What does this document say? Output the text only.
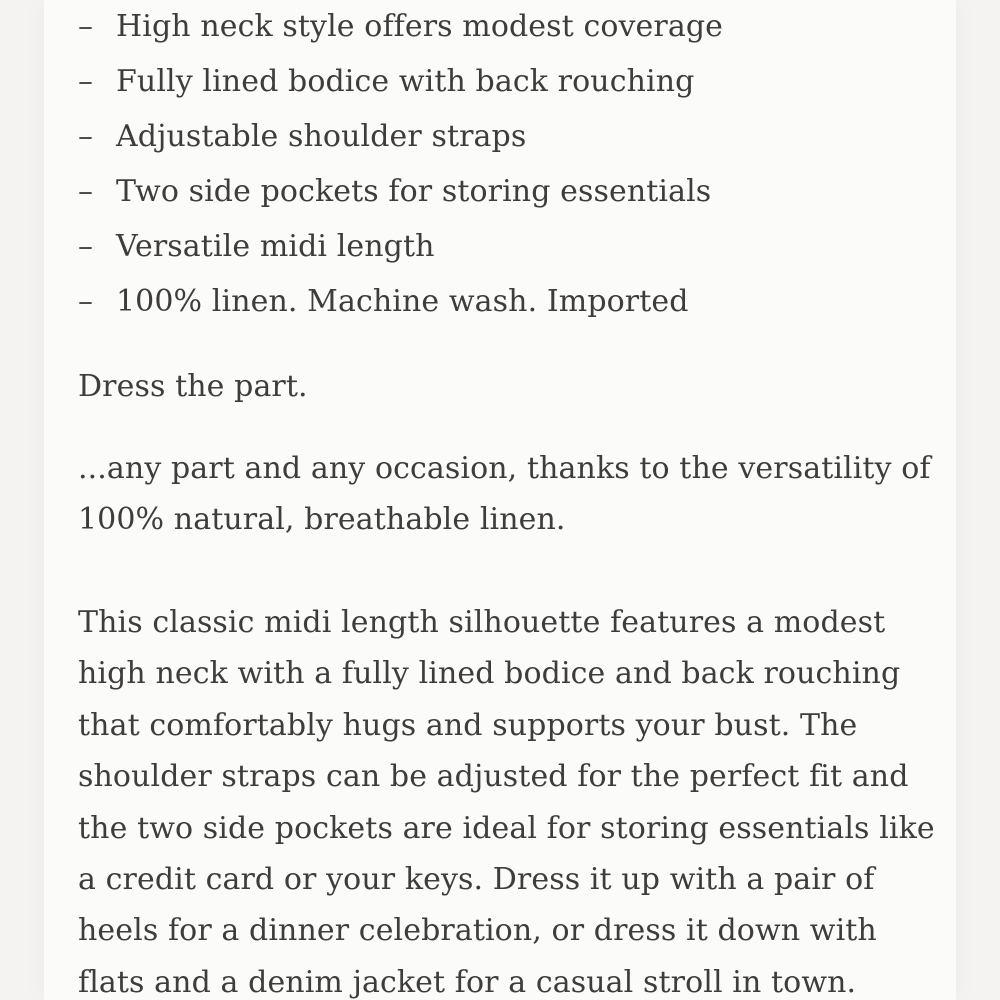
– High neck style offers modest coverage
– Fully lined bodice with back rouching
– Adjustable shoulder straps
– Two side pockets for storing essentials
– Versatile midi length
– 100% linen. Machine wash. Imported

Dress the part.

...any part and any occasion, thanks to the versatility of
100% natural, breathable linen.

This classic midi length silhouette features a modest
high neck with a fully lined bodice and back rouching
that comfortably hugs and supports your bust. The
shoulder straps can be adjusted for the perfect fit and
the two side pockets are ideal for storing essentials like
a credit card or your keys. Dress it up with a pair of
heels for a dinner celebration, or dress it down with
flats and a denim jacket for a casual stroll in town.
